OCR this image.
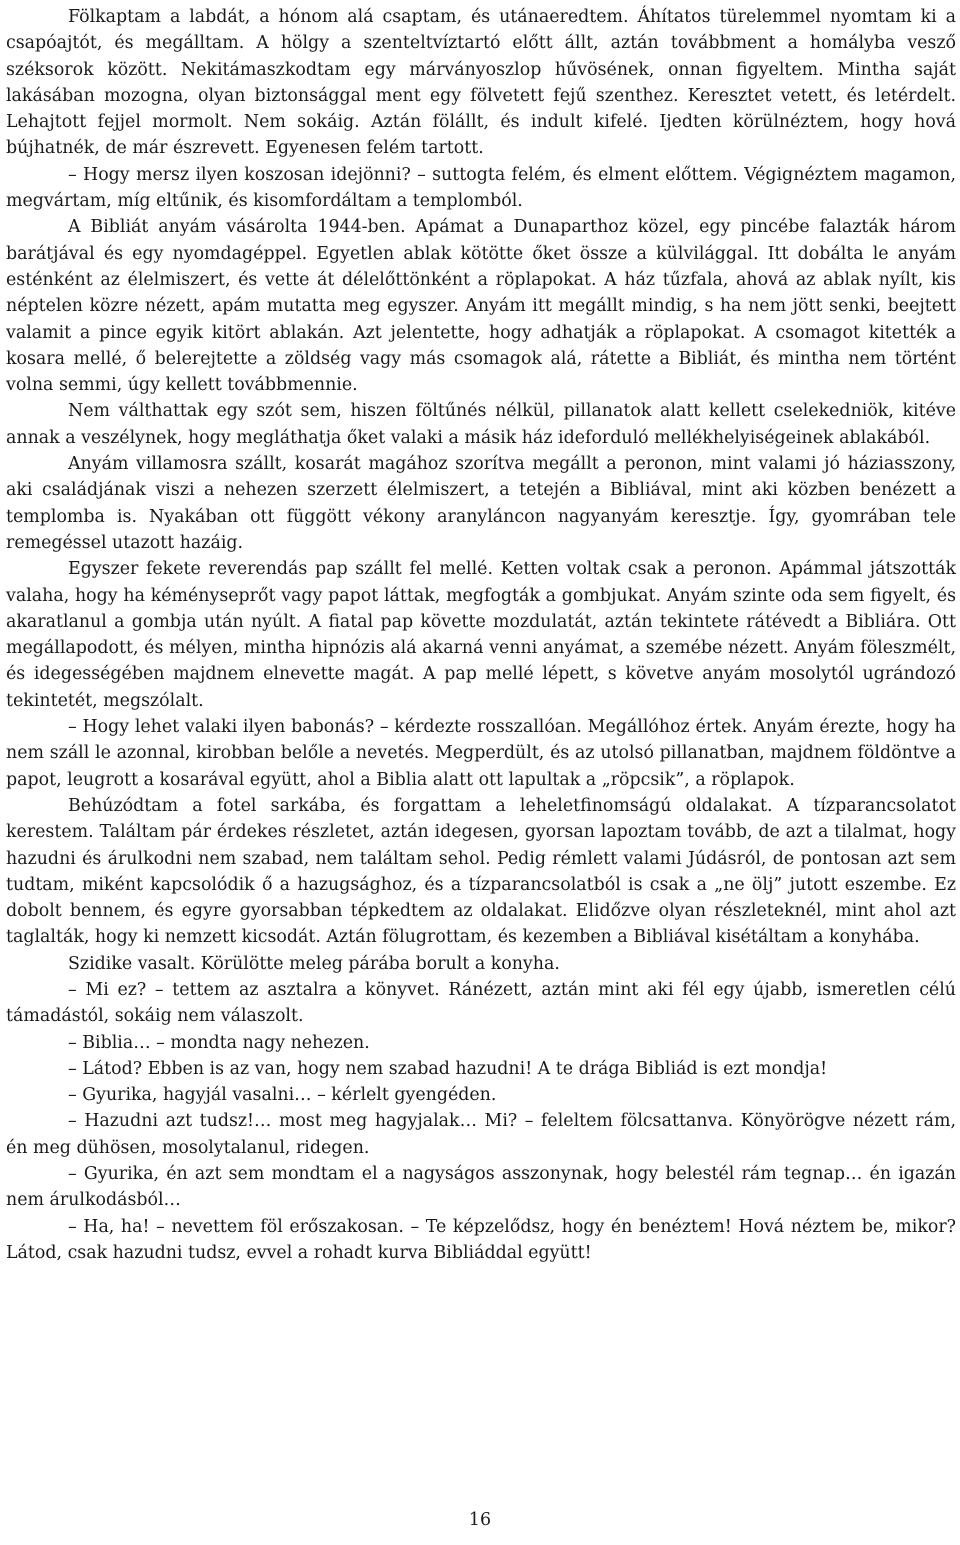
Fölkaptam a labdát, a hónom alá csaptam, és utánaeredtem. Áhítatos türelemmel nyomtam ki a csapóajtót, és megálltam. A hölgy a szenteltvíztartó előtt állt, aztán továbbment a homályba vesző széksorok között. Nekitámaszkodtam egy márványoszlop hűvösének, onnan figyeltem. Mintha saját lakásában mozogna, olyan biztonsággal ment egy fölvetett fejű szenthez. Keresztet vetett, és letérdelt. Lehajtott fejjel mormolt. Nem sokáig. Aztán fölállt, és indult kifelé. Ijedten körülnéztem, hogy hová bújhatnék, de már észrevett. Egyenesen felém tartott.

– Hogy mersz ilyen koszosan idejönni? – suttogta felém, és elment előttem. Végignéztem magamon, megvártam, míg eltűnik, és kisomfordáltam a templomból.

A Bibliát anyám vásárolta 1944-ben. Apámat a Dunaparthoz közel, egy pincébe falazták három barátjával és egy nyomdagéppel. Egyetlen ablak kötötte őket össze a külvilággal. Itt dobálta le anyám esténként az élelmiszert, és vette át délelőttönként a röplapokat. A ház tűzfala, ahová az ablak nyílt, kis néptelen közre nézett, apám mutatta meg egyszer. Anyám itt megállt mindig, s ha nem jött senki, beejtett valamit a pince egyik kitört ablakán. Azt jelentette, hogy adhatják a röplapokat. A csomagot kitették a kosara mellé, ő belerejtette a zöldség vagy más csomagok alá, rátette a Bibliát, és mintha nem történt volna semmi, úgy kellett továbbmennie.

Nem válthattak egy szót sem, hiszen föltűnés nélkül, pillanatok alatt kellett cselekedniök, kitéve annak a veszélynek, hogy megláthatja őket valaki a másik ház ideforduló mellékhelyiségeinek ablakából.

Anyám villamosra szállt, kosarát magához szorítva megállt a peronon, mint valami jó háziasszony, aki családjának viszi a nehezen szerzett élelmiszert, a tetején a Bibliával, mint aki közben benézett a templomba is. Nyakában ott függött vékony aranyláncon nagyanyám keresztje. Így, gyomrában tele remegéssel utazott hazáig.

Egyszer fekete reverendás pap szállt fel mellé. Ketten voltak csak a peronon. Apámmal játszották valaha, hogy ha kéményseprőt vagy papot láttak, megfogták a gombjukat. Anyám szinte oda sem figyelt, és akaratlanul a gombja után nyúlt. A fiatal pap követte mozdulatát, aztán tekintete rátévedt a Bibliára. Ott megállapodott, és mélyen, mintha hipnózis alá akarná venni anyámat, a szemébe nézett. Anyám föleszmélt, és idegességében majdnem elnevette magát. A pap mellé lépett, s követve anyám mosolytól ugrándozó tekintetét, megszólalt.

– Hogy lehet valaki ilyen babonás? – kérdezte rosszallóan. Megállóhoz értek. Anyám érezte, hogy ha nem száll le azonnal, kirobban belőle a nevetés. Megperdült, és az utolsó pillanatban, majdnem földöntve a papot, leugrott a kosarával együtt, ahol a Biblia alatt ott lapultak a „röpcsik”, a röplapok.

Behúzódtam a fotel sarkába, és forgattam a leheletfinomságú oldalakat. A tízparancsolatot kerestem. Találtam pár érdekes részletet, aztán idegesen, gyorsan lapoztam tovább, de azt a tilalmat, hogy hazudni és árulkodni nem szabad, nem találtam sehol. Pedig rémlett valami Júdásról, de pontosan azt sem tudtam, miként kapcsolódik ő a hazugsághoz, és a tízparancsolatból is csak a „ne ölj” jutott eszembe. Ez dobolt bennem, és egyre gyorsabban tépkedtem az oldalakat. Elidőzve olyan részleteknél, mint ahol azt taglalták, hogy ki nemzett kicsodát. Aztán fölugrottam, és kezemben a Bibliával kisétáltam a konyhába.

Szidike vasalt. Körülötte meleg párába borult a konyha.

– Mi ez? – tettem az asztalra a könyvet. Ránézett, aztán mint aki fél egy újabb, ismeretlen célú támadástól, sokáig nem válaszolt.

– Biblia… – mondta nagy nehezen.

– Látod? Ebben is az van, hogy nem szabad hazudni! A te drága Bibliád is ezt mondja!

– Gyurika, hagyjál vasalni… – kérlelt gyengéden.

– Hazudni azt tudsz!… most meg hagyjalak… Mi? – feleltem fölcsattanva. Könyörögve nézett rám, én meg dühösen, mosolytalanul, ridegen.

– Gyurika, én azt sem mondtam el a nagyságos asszonynak, hogy belestél rám tegnap… én igazán nem árulkodásból…

– Ha, ha! – nevettem föl erőszakosan. – Te képzelődsz, hogy én benéztem! Hová néztem be, mikor? Látod, csak hazudni tudsz, evvel a rohadt kurva Bibliáddal együtt!

16
